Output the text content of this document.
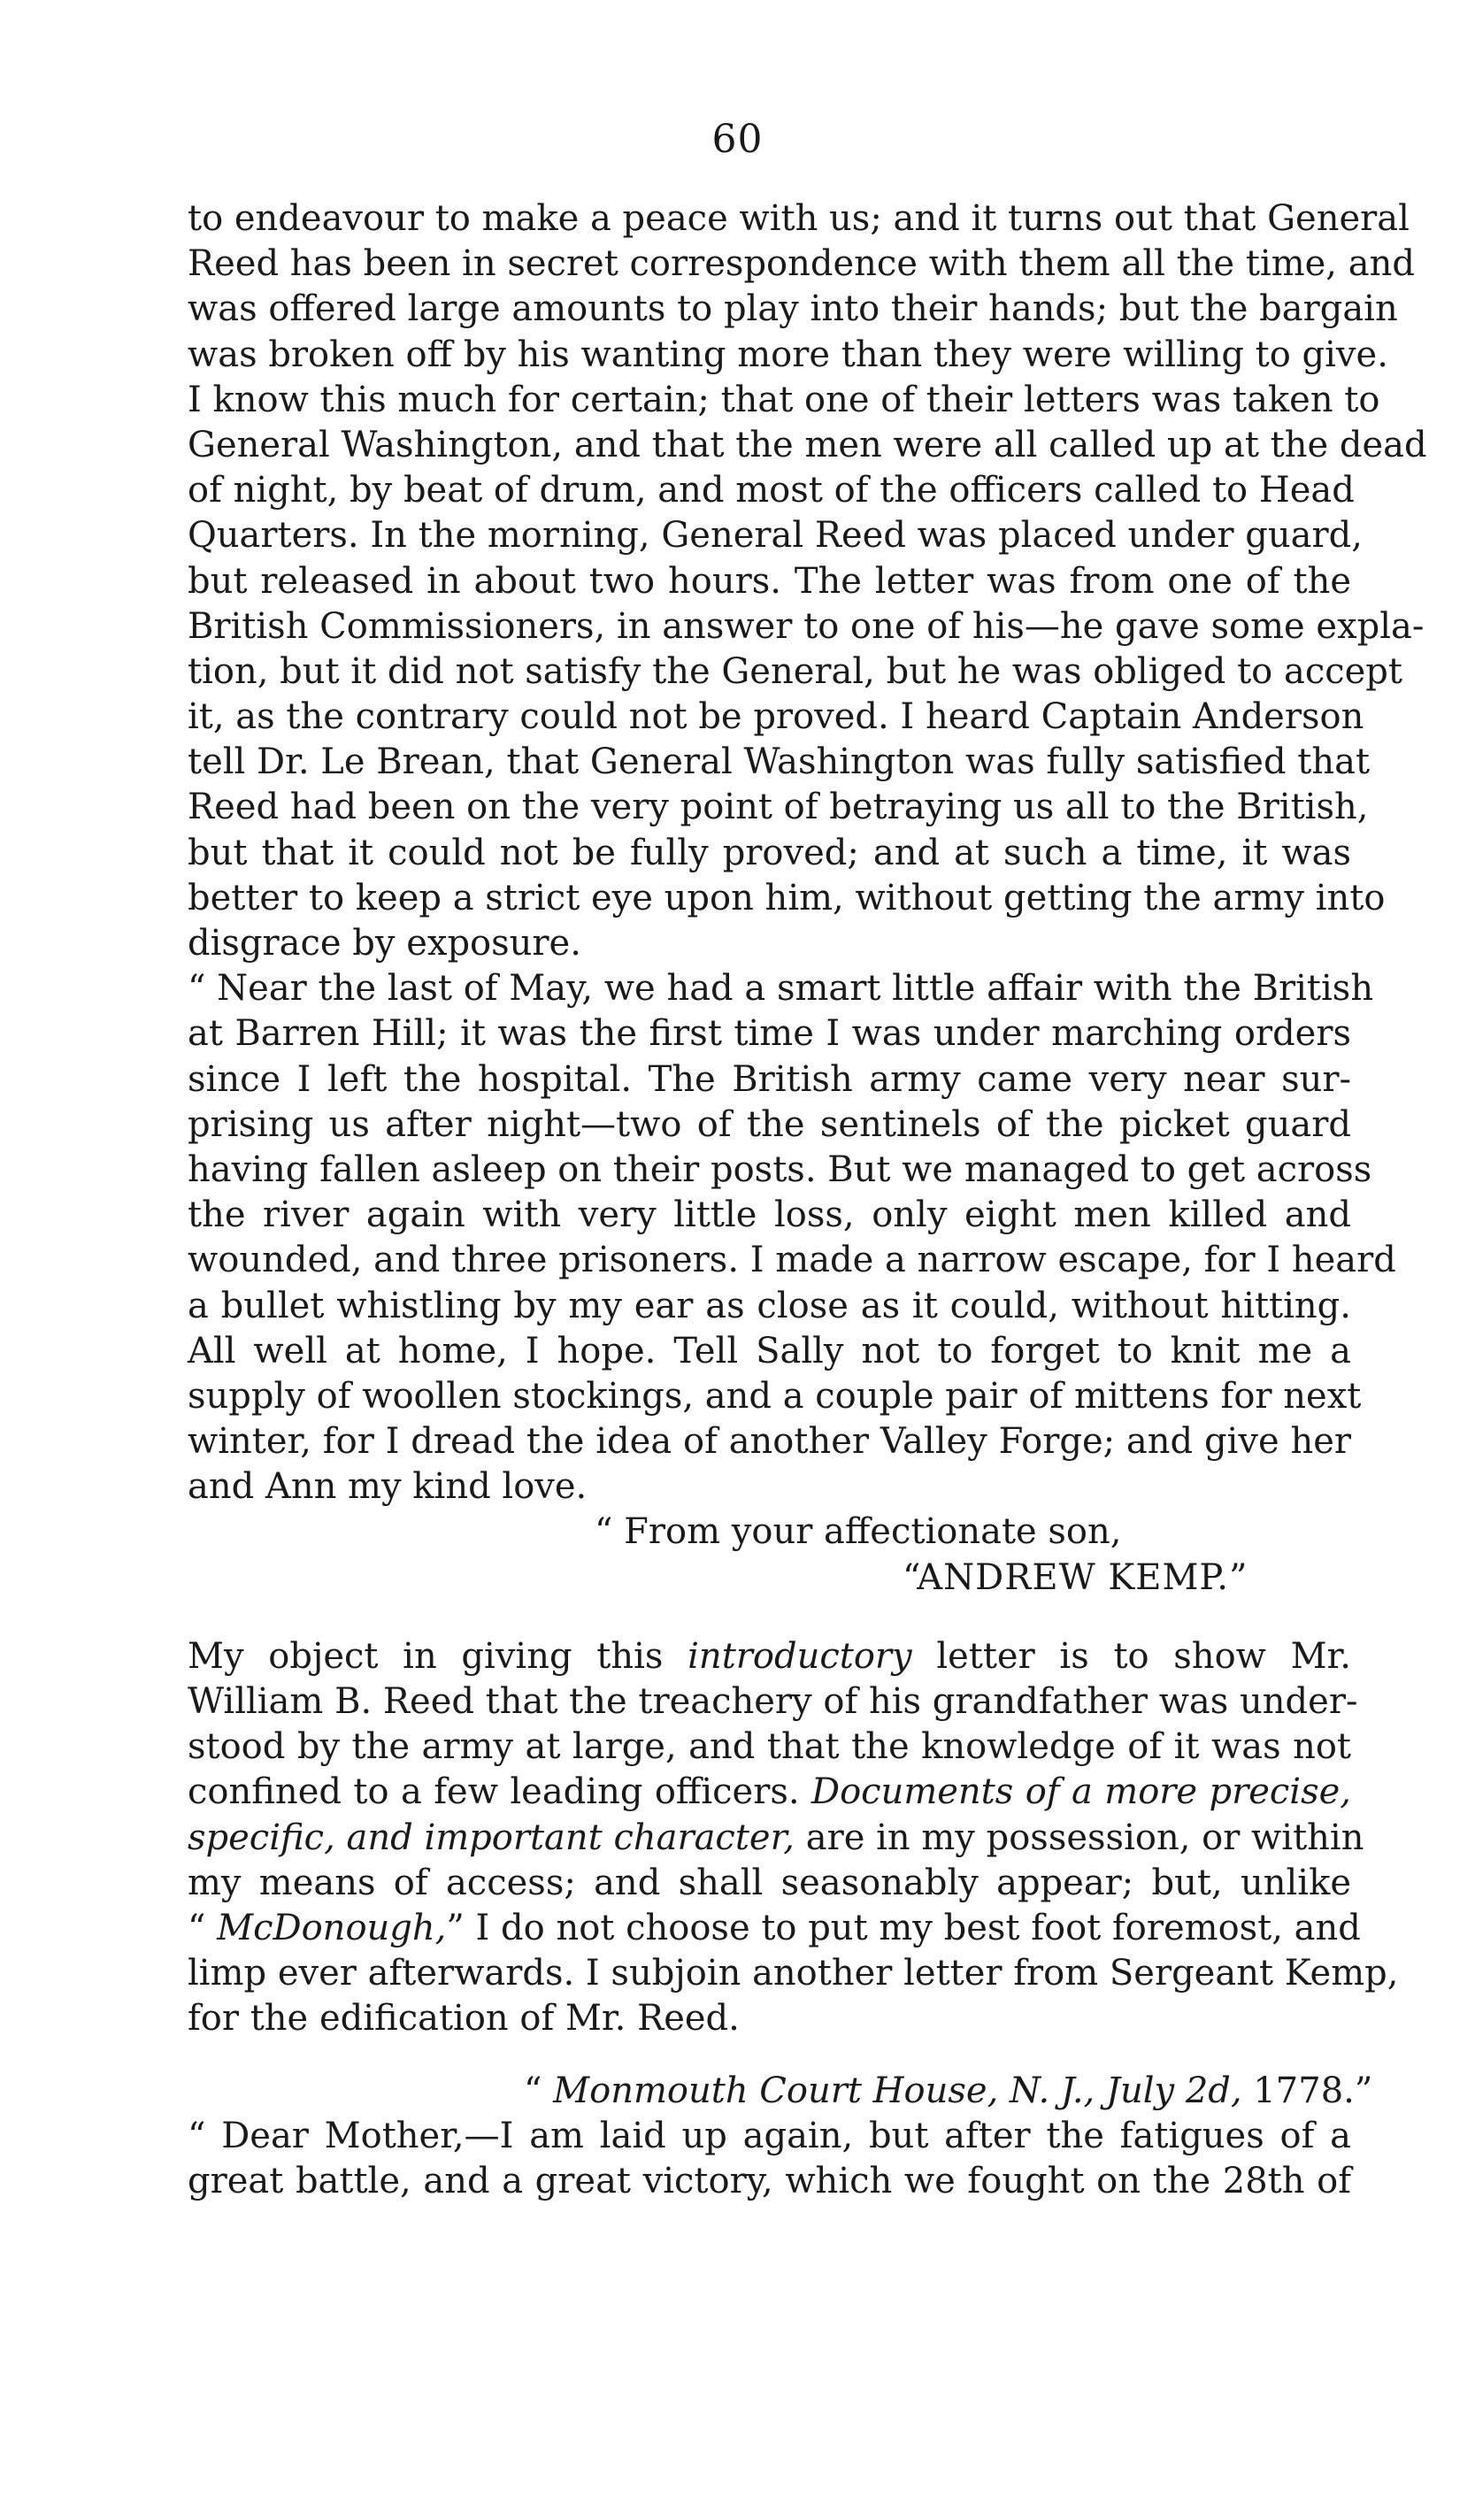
60
to endeavour to make a peace with us; and it turns out that General
Reed has been in secret correspondence with them all the time, and
was offered large amounts to play into their hands; but the bargain
was broken off by his wanting more than they were willing to give.
I know this much for certain; that one of their letters was taken to
General Washington, and that the men were all called up at the dead
of night, by beat of drum, and most of the officers called to Head
Quarters. In the morning, General Reed was placed under guard,
but released in about two hours. The letter was from one of the
British Commissioners, in answer to one of his—he gave some expla-
tion, but it did not satisfy the General, but he was obliged to accept
it, as the contrary could not be proved. I heard Captain Anderson
tell Dr. Le Brean, that General Washington was fully satisfied that
Reed had been on the very point of betraying us all to the British,
but that it could not be fully proved; and at such a time, it was
better to keep a strict eye upon him, without getting the army into
disgrace by exposure.
“ Near the last of May, we had a smart little affair with the British
at Barren Hill; it was the first time I was under marching orders
since I left the hospital. The British army came very near sur-
prising us after night—two of the sentinels of the picket guard
having fallen asleep on their posts. But we managed to get across
the river again with very little loss, only eight men killed and
wounded, and three prisoners. I made a narrow escape, for I heard
a bullet whistling by my ear as close as it could, without hitting.
All well at home, I hope. Tell Sally not to forget to knit me a
supply of woollen stockings, and a couple pair of mittens for next
winter, for I dread the idea of another Valley Forge; and give her
and Ann my kind love.
“ From your affectionate son,
“ANDREW KEMP.”
My object in giving this introductory letter is to show Mr.
William B. Reed that the treachery of his grandfather was under-
stood by the army at large, and that the knowledge of it was not
confined to a few leading officers. Documents of a more precise,
specific, and important character, are in my possession, or within
my means of access; and shall seasonably appear; but, unlike
“ McDonough,” I do not choose to put my best foot foremost, and
limp ever afterwards. I subjoin another letter from Sergeant Kemp,
for the edification of Mr. Reed.
“ Monmouth Court House, N. J., July 2d, 1778.”
“ Dear Mother,—I am laid up again, but after the fatigues of a
great battle, and a great victory, which we fought on the 28th of
